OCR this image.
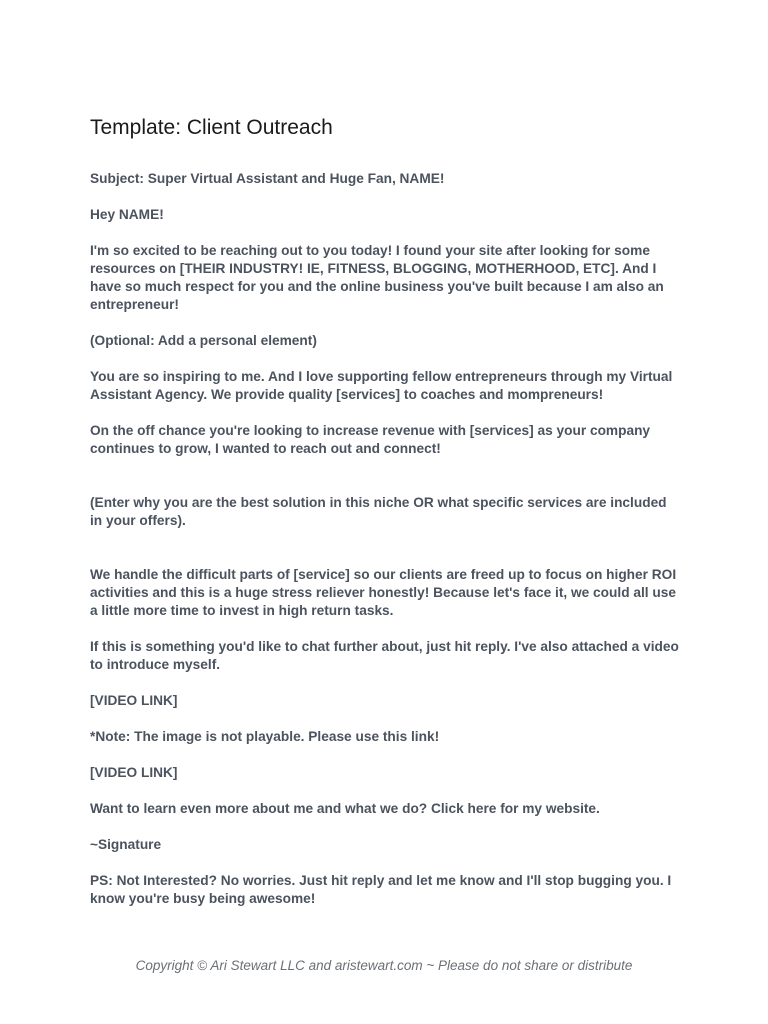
Template: Client Outreach

Subject: Super Virtual Assistant and Huge Fan, NAME!

Hey NAME!

I'm so excited to be reaching out to you today! I found your site after looking for some resources on [THEIR INDUSTRY! IE, FITNESS, BLOGGING, MOTHERHOOD, ETC]. And I have so much respect for you and the online business you've built because I am also an entrepreneur!

(Optional: Add a personal element)

You are so inspiring to me. And I love supporting fellow entrepreneurs through my Virtual Assistant Agency. We provide quality [services] to coaches and mompreneurs!

On the off chance you're looking to increase revenue with [services] as your company continues to grow, I wanted to reach out and connect!

(Enter why you are the best solution in this niche OR what specific services are included in your offers).

We handle the difficult parts of [service] so our clients are freed up to focus on higher ROI activities and this is a huge stress reliever honestly! Because let's face it, we could all use a little more time to invest in high return tasks.

If this is something you'd like to chat further about, just hit reply. I've also attached a video to introduce myself.

[VIDEO LINK]

*Note: The image is not playable. Please use this link!

[VIDEO LINK]

Want to learn even more about me and what we do? Click here for my website.

~Signature

PS: Not Interested? No worries. Just hit reply and let me know and I'll stop bugging you. I know you're busy being awesome!

Copyright © Ari Stewart LLC and aristewart.com ~ Please do not share or distribute
